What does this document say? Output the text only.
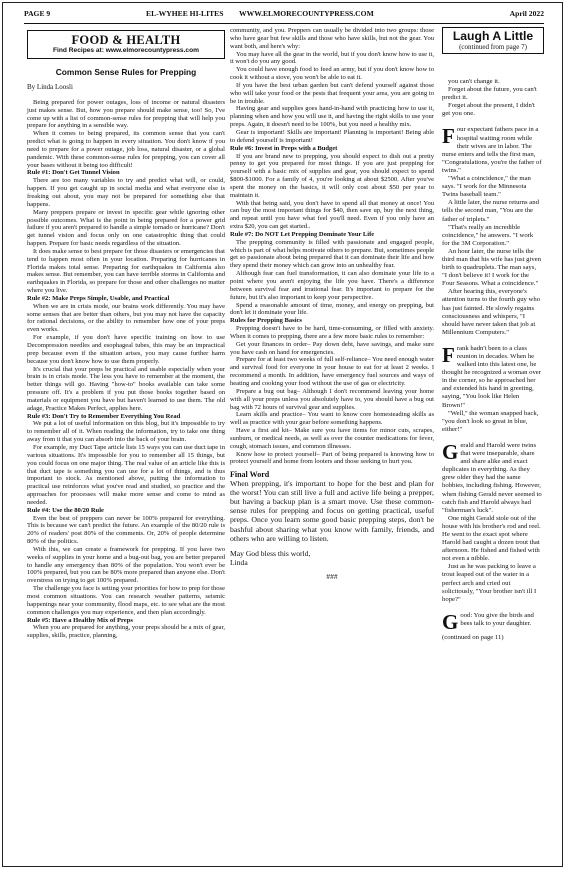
PAGE 9	EL-WYHEE HI-LITES WWW.ELMORECOUNTYPRESS.COM	April 2022
FOOD & HEALTH
Find Recipes at: www.elmorecountypress.com
Common Sense Rules for Prepping

By Linda Loosli

Being prepared for power outages, loss of income or natural disasters just makes sense. But, how you prepare should make sense, too! So, I've come up with a list of common-sense rules for prepping that will help you prepare for anything in a sensible way.

When it comes to being prepared, its common sense that you can't predict what is going to happen in every situation. You don't know if you need to prepare for a power outage, job loss, natural disaster, or a global pandemic. With these common-sense rules for prepping, you can cover all your bases without it being too difficult!

Rule #1: Don't Get Tunnel Vision

There are too many variables to try and predict what will, or could, happen. If you get caught up in social media and what everyone else is freaking out about, you may not be prepared for something else that happens.

Many preppers prepare or invest in specific gear while ignoring other possible outcomes. What is the point in being prepared for a power grid failure if you aren't prepared to handle a simple tornado or hurricane? Don't get tunnel vision and focus only on one catastrophic thing that could happen. Prepare for basic needs regardless of the situation.

It does make sense to best prepare for those disasters or emergencies that tend to happen most often in your location. Preparing for hurricanes in Florida makes total sense. Preparing for earthquakes in California also makes sense. But remember, you can have terrible storms in California and earthquakes in Florida, so prepare for those and other challenges no matter where you live.

Rule #2: Make Preps Simple, Usable, and Practical

When we are in crisis mode, our brains work differently. You may have some senses that are better than others, but you may not have the capacity for rational decisions, or the ability to remember how one of your preps even works.

For example, if you don't have specific training on how to use Decompression needles and esophageal tubes, this may be an impractical prep because even if the situation arises, you may cause further harm because you don't know how to use them properly.

It's crucial that your preps be practical and usable especially when your brain is in crisis mode. The less you have to remember at the moment, the better things will go. Having "how-to" books available can take some pressure off. It's a problem if you put those books together based on materials or equipment you have but haven't learned to use them. The old adage, Practice Makes Perfect, applies here.

Rule #3: Don't Try to Remember Everything You Read

We put a lot of useful information on this blog, but it's impossible to try to remember all of it. When reading the information, try to take one thing away from it that you can absorb into the back of your brain.

For example, my Duct Tape article lists 15 ways you can use duct tape in various situations. It's impossible for you to remember all 15 things, but you could focus on one major thing. The real value of an article like this is that duct tape is something you can use for a lot of things, and is thus important to stock. As mentioned above, putting the information to practical use reinforces what you've read and studied, so practice and the approaches for processes will make more sense and come to mind as needed.

Rule #4: Use the 80/20 Rule

Even the best of preppers can never be 100% prepared for everything. This is because we can't predict the future. An example of the 80/20 rule is 20% of readers' post 80% of the comments. Or, 20% of people determine 80% of the politics.

With this, we can create a framework for prepping. If you have two weeks of supplies in your home and a bug-out bag, you are better prepared to handle any emergency than 80% of the population. You won't ever be 100% prepared, but you can be 80% more prepared than anyone else. Don't overstress on trying to get 100% prepared.

The challenge you face is setting your priorities for how to prep for those most common situations. You can research weather patterns, seismic happenings near your community, flood maps, etc. to see what are the most common challenges you may experience, and then plan accordingly.

Rule #5: Have a Healthy Mix of Preps

When you are prepared for anything, your preps should be a mix of gear, supplies, skills, practice, planning,

community, and you. Preppers can usually be divided into two groups: those who have gear but few skills and those who have skills, but not the gear. You want both, and here's why:

You may have all the gear in the world, but if you don't know how to use it, it won't do you any good.

You could have enough food to feed an army, but if you don't know how to cook it without a stove, you won't be able to eat it.

If you have the best urban garden but can't defend yourself against those who will take your food or the pests that frequent your area, you are going to be in trouble.

Having gear and supplies goes hand-in-hand with practicing how to use it, planning when and how you will use it, and having the right skills to use your preps. Again, it doesn't need to be 100%, but you need a healthy mix.

Gear is important! Skills are important! Planning is important! Being able to defend yourself is important!

Rule #6: Invest in Preps with a Budget

If you are brand new to prepping, you should expect to dish out a pretty penny to get you prepared for most things. If you are just prepping for yourself with a basic mix of supplies and gear, you should expect to spend $800-$1000. For a family of 4, you're looking at about $2500. After you've spent the money on the basics, it will only cost about $50 per year to maintain it.

With that being said, you don't have to spend all that money at once! You can buy the most important things for $40, then save up, buy the next thing, and repeat until you have what feel you'll need. Even if you only have an extra $20, you can get started..

Rule #7: Do NOT Let Prepping Dominate Your Life

The prepping community is filled with passionate and engaged people, which is part of what helps motivate others to prepare. But, sometimes people get so passionate about being prepared that it can dominate their life and how they spend their money which can grow into an unhealthy fear.

Although fear can fuel transformation, it can also dominate your life to a point where you aren't enjoying the life you have. There's a difference between survival fear and irrational fear. It's important to prepare for the future, but it's also important to keep your perspective.

Spend a reasonable amount of time, money, and energy on prepping, but don't let it dominate your life.

Rules for Prepping Basics

Prepping doesn't have to be hard, time-consuming, or filled with anxiety. When it comes to prepping, there are a few more basic rules to remember:

Get your finances in order– Pay down debt, have savings, and make sure you have cash on hand for emergencies.

Prepare for at least two weeks of full self-reliance– You need enough water and survival food for everyone in your house to eat for at least 2 weeks. I recommend a month. In addition, have emergency fuel sources and ways of heating and cooking your food without the use of gas or electricity.

Prepare a bug out bag– Although I don't recommend leaving your home with all your preps unless you absolutely have to, you should have a bug out bag with 72 hours of survival gear and supplies.

Learn skills and practice– You want to know core homesteading skills as well as practice with your gear before something happens.

Have a first aid kit– Make sure you have items for minor cuts, scrapes, sunburn, or medical needs, as well as over the counter medications for fever, cough, stomach issues, and common illnesses.

Know how to protect yourself– Part of being prepared is knowing how to protect yourself and home from looters and those seeking to hurt you.

Final Word

When prepping, it's important to hope for the best and plan for the worst! You can still live a full and active life being a prepper, but having a backup plan is a smart move. Use these common-sense rules for prepping and focus on getting practical, useful preps. Once you learn some good basic prepping steps, don't be bashful about sharing what you know with family, friends, and others who are willing to listen.

May God bless this world,

Linda

###

Laugh A Little
(continued from page 7)

you can't change it.

Forget about the future, you can't predict it.

Forget about the present, I didn't get you one.

Four expectant fathers pace in a hospital waiting room while their wives are in labor. The nurse enters and tells the first man, "Congratulations, you're the father of twins."

"What a coincidence," the man says. "I work for the Minnesota Twins baseball team."

A little later, the nurse returns and tells the second man, "You are the father of triplets."

"That's really an incredible coincidence," he answers. "I work for the 3M Corporation."

An hour later, the nurse tells the third man that his wife has just given birth to quadruplets. The man says, "I don't believe it! I work for the Four Seasons. What a coincidence."

After hearing this, everyone's attention turns to the fourth guy who has just fainted. He slowly regains consciousness and whispers, "I should have never taken that job at Millennium Computers."

Frank hadn't been to a class reunion in decades. When he walked into this latest one, he thought he recognized a woman over in the corner, so he approached her and extended his hand in greeting, saying, "You look like Helen Brown!"

"Well," the woman snapped back, "you don't look so great in blue, either!"

Gerald and Harold were twins that were inseparable, share and share alike and exact duplicates in everything. As they grew older they had the same hobbies, including fishing. However, when fishing Gerald never seemed to catch fish and Harold always had "fisherman's luck".

One night Gerald stole out of the house with his brother's rod and reel. He went to the exact spot where Harold had caught a dozen trout that afternoon. He fished and fished with not even a nibble.

Just as he was packing to leave a trout leaped out of the water in a perfect arch and cried out solicitously, "Your brother isn't ill I hope?"

Good: You give the birds and bees talk to your daughter.

(continued on page 11)
